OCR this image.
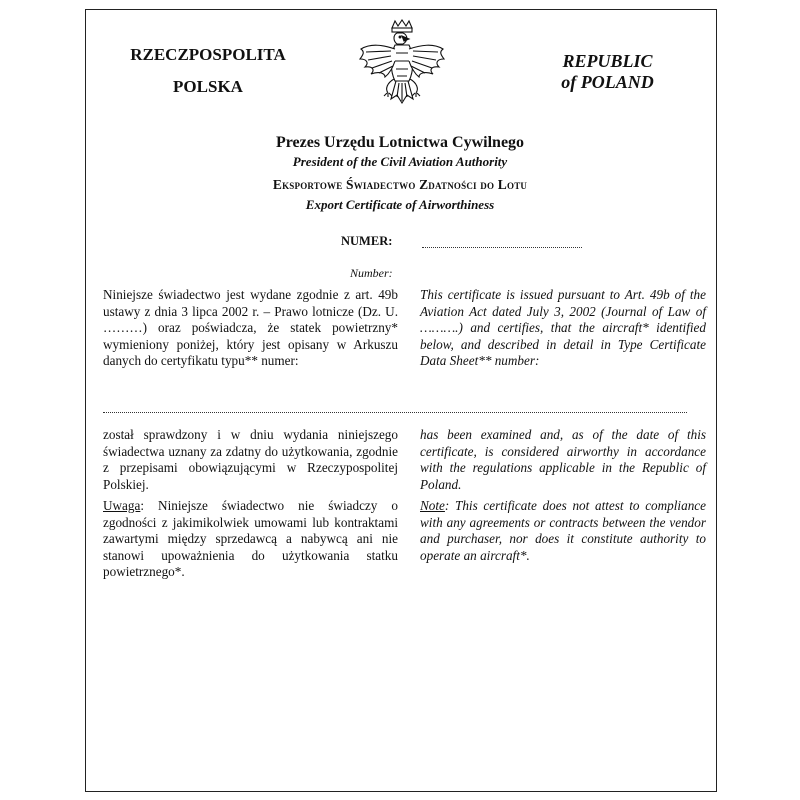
RZECZPOSPOLITA
POLSKA
REPUBLIC
of POLAND
Prezes Urzędu Lotnictwa Cywilnego
President of the Civil Aviation Authority
Eksportowe Świadectwo Zdatności do Lotu
Export Certificate of Airworthiness
NUMER:
Number:
Niniejsze świadectwo jest wydane zgodnie z art. 49b ustawy z dnia 3 lipca 2002 r. – Prawo lotnicze (Dz. U. ………) oraz poświadcza, że statek powietrzny* wymieniony poniżej, który jest opisany w Arkuszu danych do certyfikatu typu** numer:
This certificate is issued pursuant to Art. 49b of the Aviation Act dated July 3, 2002 (Journal of Law of ……….) and certifies, that the aircraft* identified below, and described in detail in Type Certificate Data Sheet** number:
został sprawdzony i w dniu wydania niniejszego świadectwa uznany za zdatny do użytkowania, zgodnie z przepisami obowiązującymi w Rzeczypospolitej Polskiej.
has been examined and, as of the date of this certificate, is considered airworthy in accordance with the regulations applicable in the Republic of Poland.
Uwaga: Niniejsze świadectwo nie świadczy o zgodności z jakimikolwiek umowami lub kontraktami zawartymi między sprzedawcą a nabywcą ani nie stanowi upoważnienia do użytkowania statku powietrznego*.
Note: This certificate does not attest to compliance with any agreements or contracts between the vendor and purchaser, nor does it constitute authority to operate an aircraft*.
